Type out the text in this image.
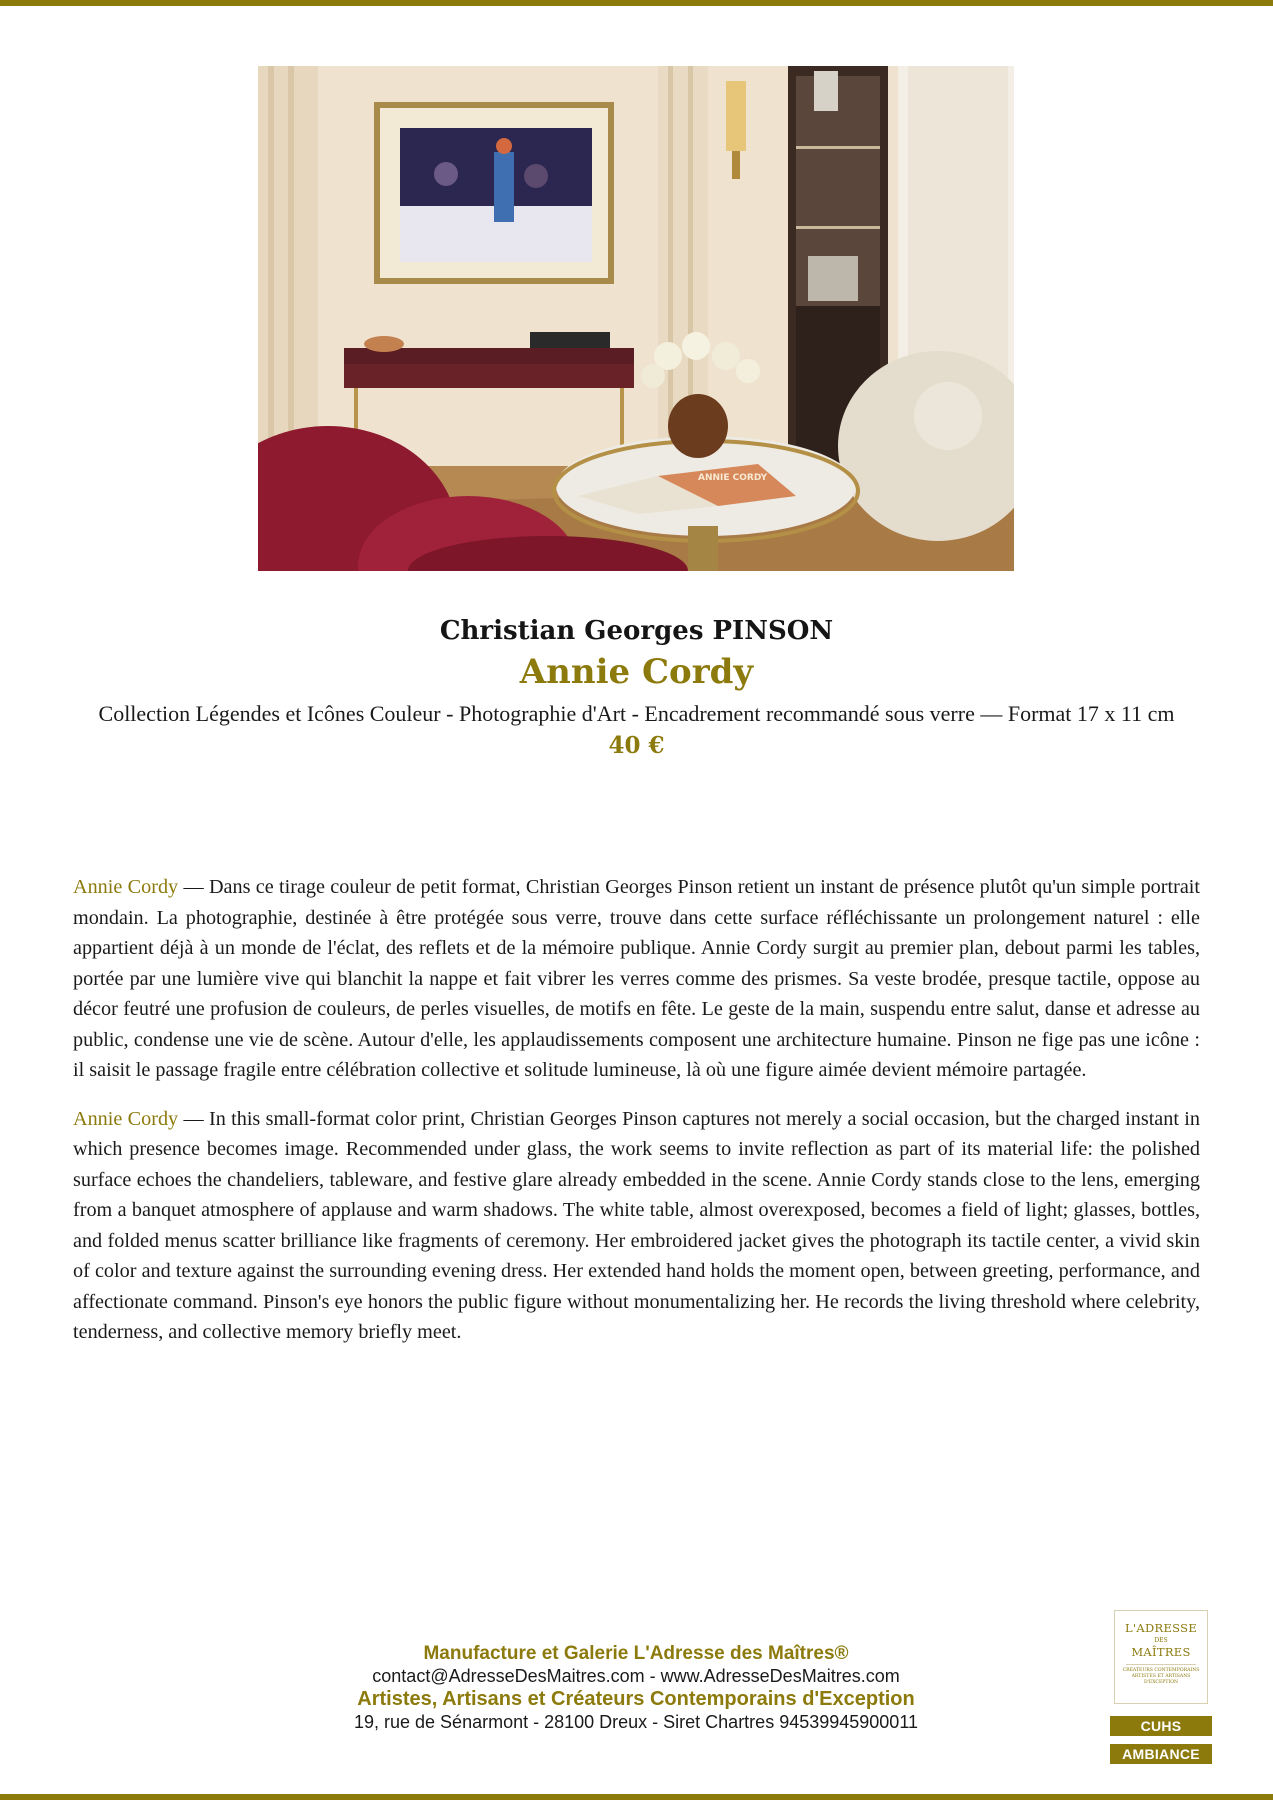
ANNIE CORDY
Christian Georges PINSON
Annie Cordy
Collection Légendes et Icônes Couleur - Photographie d'Art - Encadrement recommandé sous verre — Format 17 x 11 cm
40 €

Annie Cordy — Dans ce tirage couleur de petit format, Christian Georges Pinson retient un instant de présence plutôt qu'un simple portrait mondain. La photographie, destinée à être protégée sous verre, trouve dans cette surface réfléchissante un prolongement naturel : elle appartient déjà à un monde de l'éclat, des reflets et de la mémoire publique. Annie Cordy surgit au premier plan, debout parmi les tables, portée par une lumière vive qui blanchit la nappe et fait vibrer les verres comme des prismes. Sa veste brodée, presque tactile, oppose au décor feutré une profusion de couleurs, de perles visuelles, de motifs en fête. Le geste de la main, suspendu entre salut, danse et adresse au public, condense une vie de scène. Autour d'elle, les applaudissements composent une architecture humaine. Pinson ne fige pas une icône : il saisit le passage fragile entre célébration collective et solitude lumineuse, là où une figure aimée devient mémoire partagée.

Annie Cordy — In this small-format color print, Christian Georges Pinson captures not merely a social occasion, but the charged instant in which presence becomes image. Recommended under glass, the work seems to invite reflection as part of its material life: the polished surface echoes the chandeliers, tableware, and festive glare already embedded in the scene. Annie Cordy stands close to the lens, emerging from a banquet atmosphere of applause and warm shadows. The white table, almost overexposed, becomes a field of light; glasses, bottles, and folded menus scatter brilliance like fragments of ceremony. Her embroidered jacket gives the photograph its tactile center, a vivid skin of color and texture against the surrounding evening dress. Her extended hand holds the moment open, between greeting, performance, and affectionate command. Pinson's eye honors the public figure without monumentalizing her. He records the living threshold where celebrity, tenderness, and collective memory briefly meet.

Manufacture et Galerie L'Adresse des Maîtres®
contact@AdresseDesMaitres.com - www.AdresseDesMaitres.com
Artistes, Artisans et Créateurs Contemporains d'Exception
19, rue de Sénarmont - 28100 Dreux - Siret Chartres 94539945900011
L'ADRESSE
DES
MAÎTRES
CRÉATEURS CONTEMPORAINS ARTISTES ET ARTISANS D'EXCEPTION
CUHS
AMBIANCE
